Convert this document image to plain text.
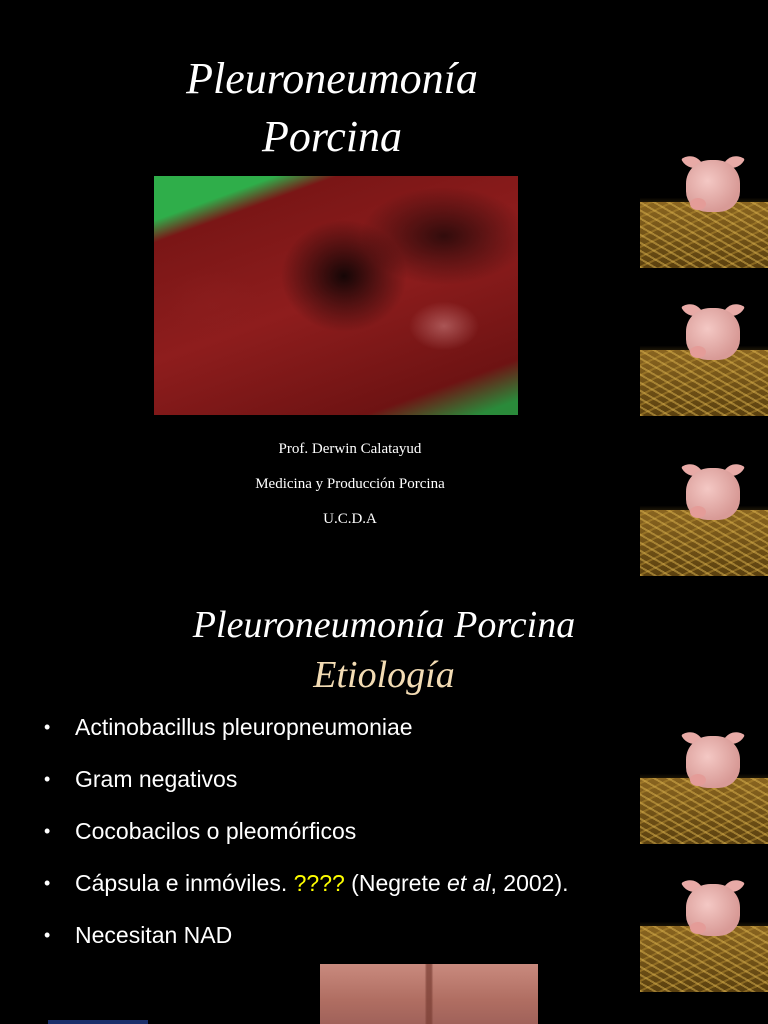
Pleuroneumonía
Porcina
Prof. Derwin Calatayud
Medicina y Producción Porcina
U.C.D.A
Pleuroneumonía Porcina
Etiología
• Actinobacillus pleuropneumoniae
• Gram negativos
• Cocobacilos o pleomórficos
• Cápsula e inmóviles. ???? (Negrete et al, 2002).
• Necesitan NAD
